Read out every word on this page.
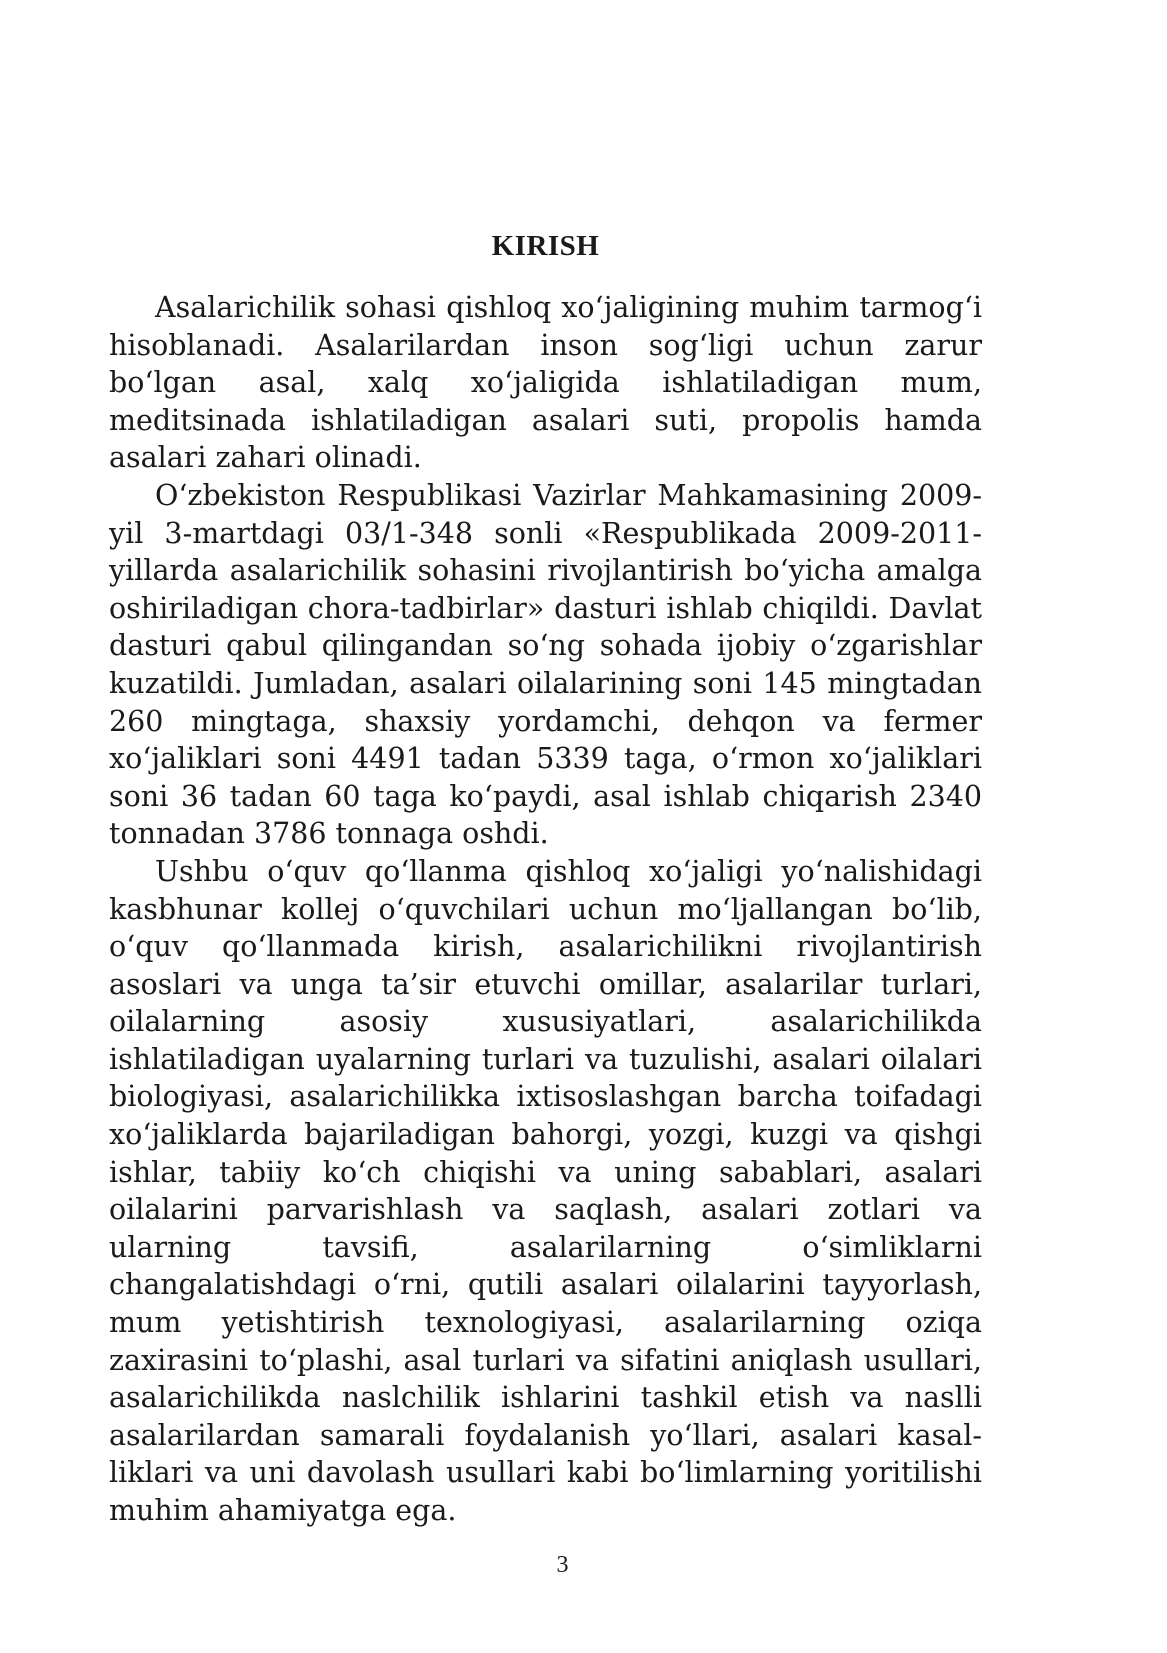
KIRISH

Asalarichilik sohasi qishloq xo‘jaligining muhim tarmog‘i hisoblanadi. Asalarilardan inson sog‘ligi uchun zarur bo‘lgan asal, xalq xo‘jaligida ishlatiladigan mum, meditsinada ishlatiladigan asalari suti, propolis hamda asalari zahari olinadi.

O‘zbekiston Respublikasi Vazirlar Mahkamasining 2009-yil 3-martdagi 03/1-348 sonli «Respublikada 2009-2011-yillarda asalarichilik sohasini rivojlantirish bo‘yicha amalga oshiriladigan chora-tadbirlar» dasturi ishlab chiqildi. Davlat dasturi qabul qilingandan so‘ng sohada ijobiy o‘zgarishlar kuzatildi. Jumladan, asalari oilalarining soni 145 mingtadan 260 mingtaga, shaxsiy yordamchi, dehqon va fermer xo‘jaliklari soni 4491 tadan 5339 taga, o‘rmon xo‘jaliklari soni 36 tadan 60 taga ko‘paydi, asal ishlab chiqarish 2340 tonnadan 3786 tonnaga oshdi.

Ushbu o‘quv qo‘llanma qishloq xo‘jaligi yo‘nalishidagi kasbhunar kollej o‘quvchilari uchun mo‘ljallangan bo‘lib, o‘quv qo‘llanmada kirish, asalarichilikni rivojlantirish asoslari va unga ta’sir etuvchi omillar, asalarilar turlari, oilalarning asosiy xususiyatlari, asalarichilikda ishlatiladigan uyalarning turlari va tuzulishi, asalari oilalari biologiyasi, asalarichilikka ixtisoslashgan barcha toifadagi xo‘jaliklarda bajariladigan bahorgi, yozgi, kuzgi va qishgi ishlar, tabiiy ko‘ch chiqishi va uning sabablari, asalari oilalarini parvarishlash va saqlash, asalari zotlari va ularning tavsifi, asalarilarning o‘simliklarni changalatishdagi o‘rni, qutili asalari oilalarini tayyorlash, mum yetishtirish texnologiyasi, asalarilarning oziqa zaxirasini to‘plashi, asal turlari va sifatini aniqlash usullari, asalarichilikda naslchilik ishlarini tashkil etish va naslli asalarilardan samarali foydalanish yo‘llari, asalari kasalliklari va uni davolash usullari kabi bo‘limlarning yoritilishi muhim ahamiyatga ega.

3
